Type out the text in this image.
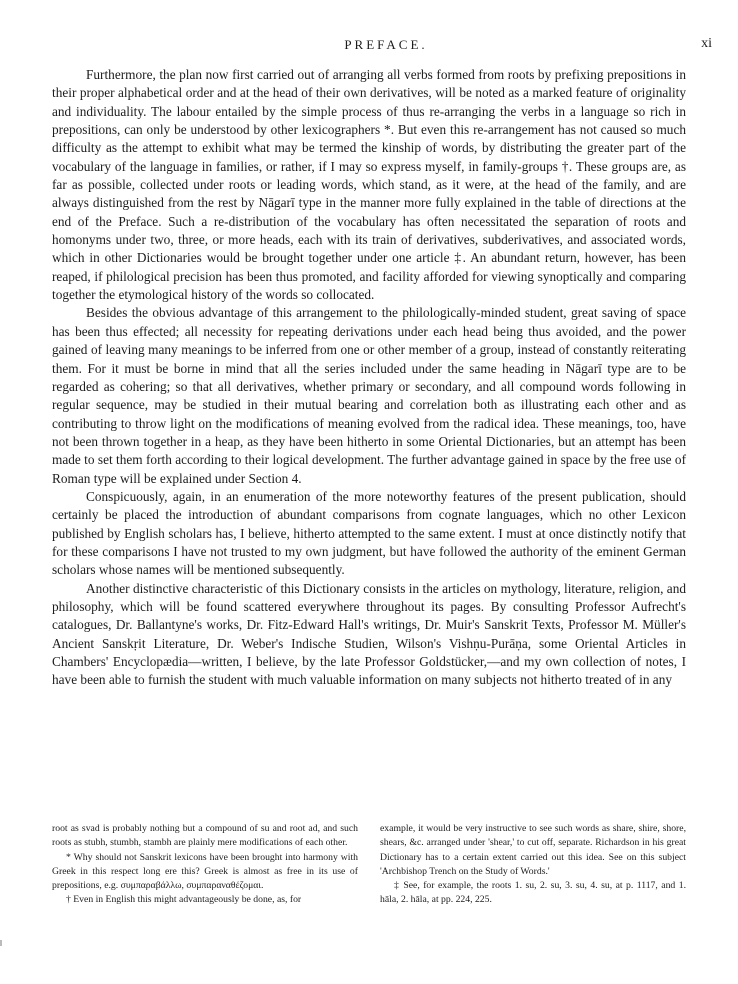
PREFACE.	xi

Furthermore, the plan now first carried out of arranging all verbs formed from roots by prefixing prepositions in their proper alphabetical order and at the head of their own derivatives, will be noted as a marked feature of originality and individuality. The labour entailed by the simple process of thus re-arranging the verbs in a language so rich in prepositions, can only be understood by other lexicographers *. But even this re-arrangement has not caused so much difficulty as the attempt to exhibit what may be termed the kinship of words, by distributing the greater part of the vocabulary of the language in families, or rather, if I may so express myself, in family-groups †. These groups are, as far as possible, collected under roots or leading words, which stand, as it were, at the head of the family, and are always distinguished from the rest by Nāgarī type in the manner more fully explained in the table of directions at the end of the Preface. Such a re-distribution of the vocabulary has often necessitated the separation of roots and homonyms under two, three, or more heads, each with its train of derivatives, subderivatives, and associated words, which in other Dictionaries would be brought together under one article ‡. An abundant return, however, has been reaped, if philological precision has been thus promoted, and facility afforded for viewing synoptically and comparing together the etymological history of the words so collocated.

Besides the obvious advantage of this arrangement to the philologically-minded student, great saving of space has been thus effected; all necessity for repeating derivations under each head being thus avoided, and the power gained of leaving many meanings to be inferred from one or other member of a group, instead of constantly reiterating them. For it must be borne in mind that all the series included under the same heading in Nāgarī type are to be regarded as cohering; so that all derivatives, whether primary or secondary, and all compound words following in regular sequence, may be studied in their mutual bearing and correlation both as illustrating each other and as contributing to throw light on the modifications of meaning evolved from the radical idea. These meanings, too, have not been thrown together in a heap, as they have been hitherto in some Oriental Dictionaries, but an attempt has been made to set them forth according to their logical development. The further advantage gained in space by the free use of Roman type will be explained under Section 4.

Conspicuously, again, in an enumeration of the more noteworthy features of the present publication, should certainly be placed the introduction of abundant comparisons from cognate languages, which no other Lexicon published by English scholars has, I believe, hitherto attempted to the same extent. I must at once distinctly notify that for these comparisons I have not trusted to my own judgment, but have followed the authority of the eminent German scholars whose names will be mentioned subsequently.

Another distinctive characteristic of this Dictionary consists in the articles on mythology, literature, religion, and philosophy, which will be found scattered everywhere throughout its pages. By consulting Professor Aufrecht's catalogues, Dr. Ballantyne's works, Dr. Fitz-Edward Hall's writings, Dr. Muir's Sanskrit Texts, Professor M. Müller's Ancient Sanskṛit Literature, Dr. Weber's Indische Studien, Wilson's Vishṇu-Purāṇa, some Oriental Articles in Chambers' Encyclopædia—written, I believe, by the late Professor Goldstücker,—and my own collection of notes, I have been able to furnish the student with much valuable information on many subjects not hitherto treated of in any

root as svad is probably nothing but a compound of su and root ad, and such roots as stubh, stumbh, stambh are plainly mere modifications of each other.

* Why should not Sanskrit lexicons have been brought into harmony with Greek in this respect long ere this? Greek is almost as free in its use of prepositions, e.g. συμπαραβάλλω, συμπαραναθέζομαι.

† Even in English this might advantageously be done, as, for

example, it would be very instructive to see such words as share, shire, shore, shears, &c. arranged under 'shear,' to cut off, separate. Richardson in his great Dictionary has to a certain extent carried out this idea. See on this subject 'Archbishop Trench on the Study of Words.'

‡ See, for example, the roots 1. su, 2. su, 3. su, 4. su, at p. 1117, and 1. hāla, 2. hāla, at pp. 224, 225.
